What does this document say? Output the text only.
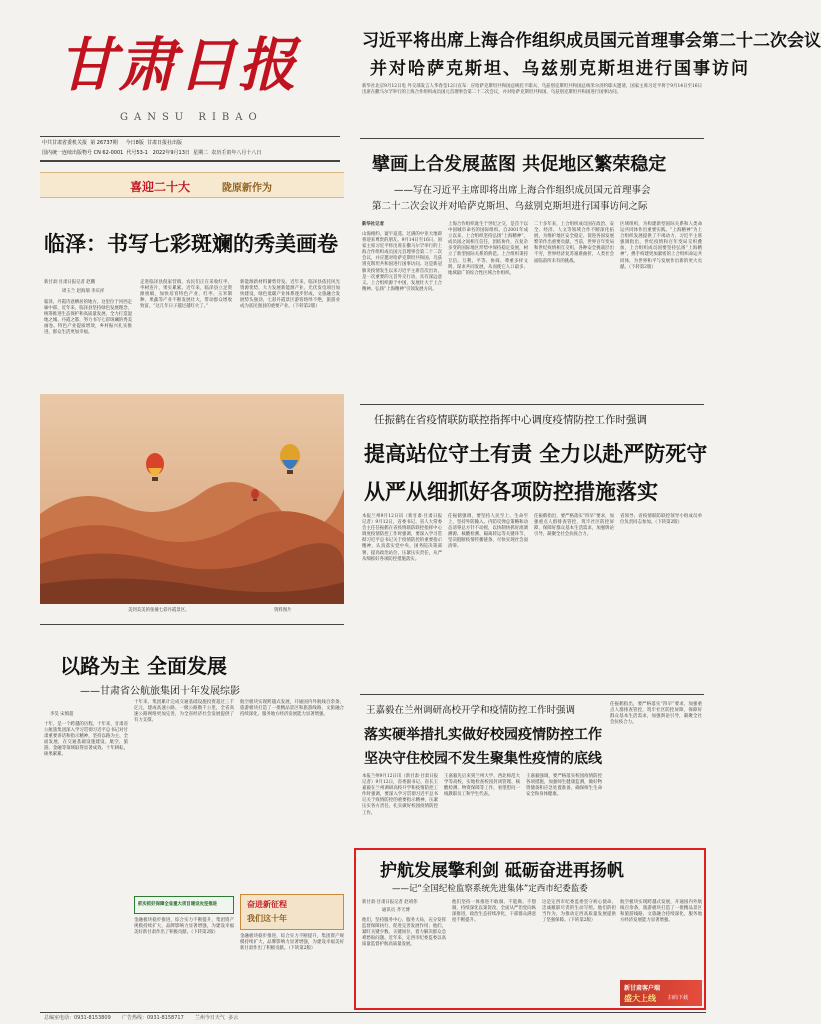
甘肃日报
GANSU RIBAO
中共甘肃省委机关报 第 26737期 今日8版 甘肃日报社出版
国内统一连续出版物号 CN 62-0001 代号53-1 2022年9月13日 星期二 农历壬寅年八月十八日
习近平将出席上海合作组织成员国元首理事会第二十二次会议
并对哈萨克斯坦、乌兹别克斯坦进行国事访问
新华社北京9月12日电 外交部发言人华春莹12日宣布：应哈萨克斯坦共和国总统托卡耶夫、乌兹别克斯坦共和国总统米尔济约耶夫邀请，国家主席习近平将于9月14日至16日出席在撒马尔罕举行的上海合作组织成员国元首理事会第二十二次会议，并对哈萨克斯坦共和国、乌兹别克斯坦共和国进行国事访问。
擘画上合发展蓝图 共促地区繁荣稳定
——写在习近平主席即将出席上海合作组织成员国元首理事会
第二十二次会议并对哈萨克斯坦、乌兹别克斯坦进行国事访问之际
新华社记者
山海相约，寰宇迢遥。过满的中亚大地即将迎来尊贵的朋友。9月14日至16日，国家主席习近平将出席在撒马尔罕举行的上海合作组织成员国元首理事会第二十二次会议，并应邀对哈萨克斯坦共和国、乌兹别克斯坦共和国进行国事访问。这是新冠肺炎疫情发生以来习近平主席首次出访，是一次重要的元首外交行动，具有深远意义。上合组织源于中国，发展壮大于上合精神。弘扬“上海精神”引领发展方向。
上海合作组织诞生于世纪之交，是首个以中国城市命名的国际组织。自2001年成立以来，上合组织坚持弘扬“上海精神”，成员国之间相互信任，团结协作，在复杂多变的国际地区形势中保持稳定发展，树立了新型国际关系的典范。上合组织秉持互信、互利、平等、协商、尊重多样文明、谋求共同发展，从而使它人口最多、地域最广的综合性区域合作组织。
二十多年来，上合组织成员国在政治、安全、经济、人文等领域合作不断深化拓展，为维护地区安全稳定、促进各国发展繁荣作出重要贡献。当前，世界百年变局和世纪疫情相互交织，各种安全挑战层出不穷，世界经济复苏艰难曲折，人类社会面临前所未有的挑战。
区域组织，为构建新型国际关系和人类命运共同体作出重要实践。“上海精神”为上合组织发展提供了不竭动力，习近平主席强调指出，世纪疫情和百年变局交织叠加，上合组织成员国要坚持弘扬“上海精神”，携手构建更加紧密的上合组织命运共同体，为世界和平与发展作出新的更大贡献。（下转第2版）
喜迎二十大	陇原新作为
临泽：书写七彩斑斓的秀美画卷
新甘肃·甘肃日报记者 赵鹏
周玉兰 赵海瑞 李庆祥
临泽，丹霞诗意栖居的地方。这里位于河西走廊中部，近年来，临泽县坚持绿色发展理念，统筹推进生态保护和高质量发展，全力打造湿地之城、丹霞之都，努力书写七彩斑斓的秀美画卷。特色产业提质增效，乡村振兴扎实推进，群众生活更加幸福。
走进临泽县倪家营镇，农民们正在采收红枣，枣树连片，果实累累。近年来，临泽县立足资源禀赋，加快培育特色产业，红枣、玉米制种、果蔬等产业不断发展壮大，带动群众增收致富，“这几年日子越过越红火了。”
新能源新材料蓄势待发。近年来，临泽县依托风光资源优势，大力发展新能源产业，光伏发电项目加快建设，绿色低碳产业体系逐步形成。文旅融合发展势头强劲，七彩丹霞景区游客络绎不绝，旅游业成为富民强县的重要产业。（下转第2版）
美到美美的张掖七彩丹霞景区。	资料图片
任振鹤在省疫情联防联控指挥中心调度疫情防控工作时强调
提高站位守土有责 全力以赴严防死守
从严从细抓好各项防控措施落实
本报兰州9月12日讯（新甘肃·甘肃日报记者）9月12日，省委书记、省人大常委会主任任振鹤在省疫情联防联控指挥中心调度疫情防控工作时强调，要深入学习贯彻习近平总书记关于疫情防控的重要指示精神，认真落实党中央、国务院决策部署，提高政治站位，压紧压实责任，从严从细抓好各项防控措施落实。
任振鹤强调，要坚持人民至上、生命至上，坚持外防输入、内防反弹总策略和动态清零总方针不动摇，以快制快抓好流调溯源、核酸检测、隔离转运等关键环节，坚决阻断疫情传播链条，尽快实现社会面清零。
任振鹤指出，要严格落实“四早”要求，加强重点人群排查管控，筑牢社区防控屏障，保障好群众基本生活需求，加强舆论引导，凝聚全社会抗疫合力。
省领导、省疫情联防联控领导小组成员单位负责同志参加。（下转第2版）
王嘉毅在兰州调研高校开学和疫情防控工作时强调
落实硬举措扎实做好校园疫情防控工作
坚决守住校园不发生聚集性疫情的底线
本报兰州9月12日讯（新甘肃·甘肃日报记者）9月12日，省委副书记、省长王嘉毅在兰州调研高校开学和疫情防控工作时强调，要深入学习贯彻习近平总书记关于疫情防控的重要指示精神，压紧压实各方责任，扎实做好校园疫情防控工作。
王嘉毅先后来到兰州大学、西北师范大学等高校，实地检查校园封闭管理、核酸检测、物资保障等工作，看望慰问一线教职员工和学生代表。
王嘉毅强调，要严格落实校园疫情防控各项措施，加强师生健康监测，做好物资储备和应急处置准备，确保师生生命安全和身体健康。
任振鹤指出，要严格落实“四早”要求，加强重点人群排查管控，筑牢社区防控屏障，保障好群众基本生活需求，加强舆论引导，凝聚全社会抗疫合力。
以路为主 全面发展
——甘肃省公航旅集团十年发展综影
李昊 宋慎超
十年，是一个跨越的历程。十年来，甘肃省公航旅集团深入学习贯彻习近平总书记对甘肃重要讲话和指示精神，坚持以路为主、全面发展，在交通基础设施建设、航空、旅游、金融等领域取得显著成效。十年耕耘，硕果累累。
十年来，集团累计完成交通基础设施投资超过三千亿元，建成高速公路、一级公路数千公里，全省高速公路网络更加完善，为全省经济社会发展提供了有力支撑。
航空板块实现跨越式发展，开通国内外航线百余条，旅游板块打造了一批精品景区和旅游线路，文旅融合持续深化，服务地方经济发展能力显著增强。
抓实抓好保障全省重大项目建设攻坚推进
金融板块稳步推进，综合实力不断提升，集团资产规模持续扩大，品牌影响力显著增强，为建设幸福美好新甘肃作出了积极贡献。（下转第2版）
奋进新征程
我们这十年
金融板块稳步推进，综合实力不断提升，集团资产规模持续扩大，品牌影响力显著增强，为建设幸福美好新甘肃作出了积极贡献。（下转第2版）
护航发展擎利剑 砥砺奋进再扬帆
——记“全国纪检监察系统先进集体”定西市纪委监委
新甘肃·甘肃日报记者 赵靖伟
通讯员 齐天博
他们，坚持服务中心、服务大局，充分发挥监督保障执行、促进完善发展作用；他们，紧盯关键少数、关键岗位，着力解决群众急难愁盼问题。近年来，定西市纪委监委以高质量监督护航高质量发展。
他们坚持一体推进不敢腐、不能腐、不想腐，持续深化以案促改，全面从严治党向纵深推进，政治生态持续净化，干部群众满意度不断提升。
这是定西市纪委监委坚守初心使命、忠诚履职尽责的生动写照。他们的担当作为，为推动定西高质量发展提供了坚强保障。（下转第2版）
航空板块实现跨越式发展，开通国内外航线百余条，旅游板块打造了一批精品景区和旅游线路，文旅融合持续深化，服务地方经济发展能力显著增强。
新甘肃客户端
盛大上线	扫码下载
总编室电话：0931-8153809 广告热线：0931-8158717 兰州今日天气 多云
